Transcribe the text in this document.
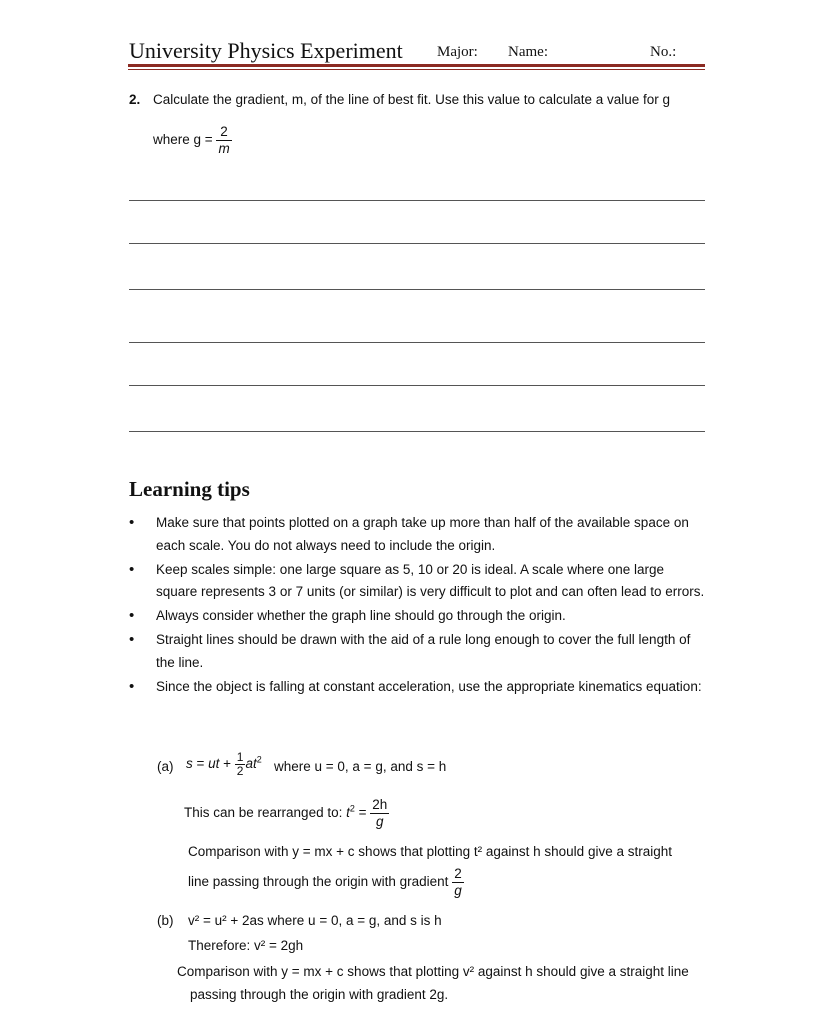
University Physics Experiment Major: Name:	No.:
2. Calculate the gradient, m, of the line of best fit. Use this value to calculate a value for g
where $g = \frac{2}{m}$
Learning tips
• Make sure that points plotted on a graph take up more than half of the available space on each scale. You do not always need to include the origin.
• Keep scales simple: one large square as 5, 10 or 20 is ideal. A scale where one large square represents 3 or 7 units (or similar) is very difficult to plot and can often lead to errors.
• Always consider whether the graph line should go through the origin.
• Straight lines should be drawn with the aid of a rule long enough to cover the full length of the line.
• Since the object is falling at constant acceleration, use the appropriate kinematics equation:
(a) s = ut + $\frac{1}{2} at^2$ where u = 0, a = g, and s = h
This can be rearranged to: $t^2 = \frac{2h}{g}$
Comparison with y = mx + c shows that plotting t² against h should give a straight
line passing through the origin with gradient $\frac{2}{g}$
(b) v² = u² + 2as where u = 0, a = g, and s is h
Therefore: v² = 2gh
Comparison with y = mx + c shows that plotting v² against h should give a straight line
passing through the origin with gradient 2g.
